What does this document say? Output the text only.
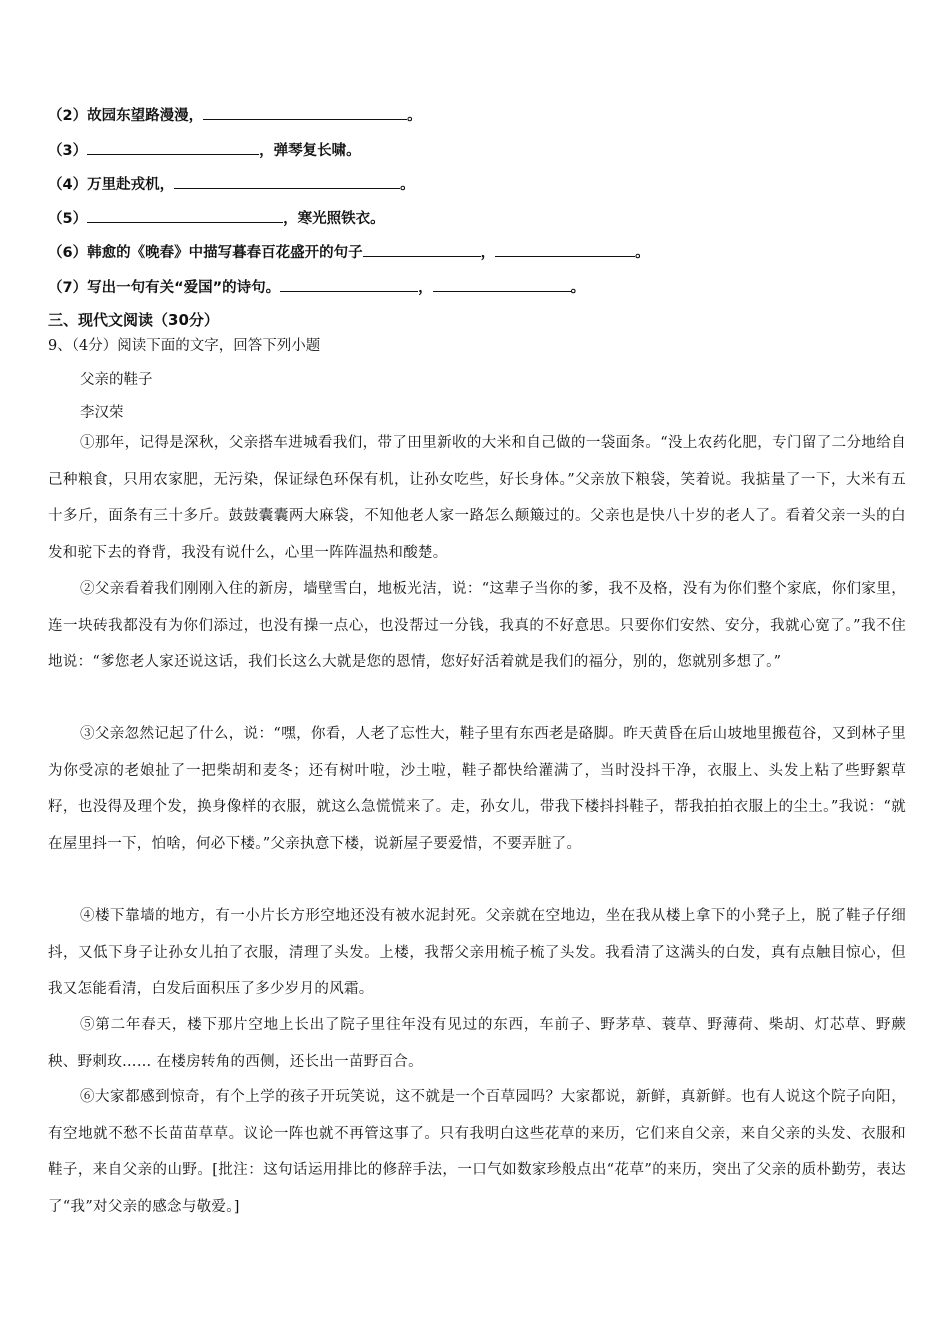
（2）故园东望路漫漫，	。
（3）	，弹琴复长啸。
（4）万里赴戎机，	。
（5）	，寒光照铁衣。
（6）韩愈的《晚春》中描写暮春百花盛开的句子	，	。
（7）写出一句有关“爱国”的诗句。	，	。
三、现代文阅读（30分）
9、（4分）阅读下面的文字，回答下列小题
父亲的鞋子
李汉荣
①那年，记得是深秋，父亲搭车进城看我们，带了田里新收的大米和自己做的一袋面条。“没上农药化肥，专门留了二分地给自己种粮食，只用农家肥，无污染，保证绿色环保有机，让孙女吃些，好长身体。”父亲放下粮袋，笑着说。我掂量了一下，大米有五十多斤，面条有三十多斤。鼓鼓囊囊两大麻袋，不知他老人家一路怎么颠簸过的。父亲也是快八十岁的老人了。看着父亲一头的白发和驼下去的脊背，我没有说什么，心里一阵阵温热和酸楚。
②父亲看着我们刚刚入住的新房，墙壁雪白，地板光洁，说：“这辈子当你的爹，我不及格，没有为你们整个家底，你们家里，连一块砖我都没有为你们添过，也没有操一点心，也没帮过一分钱，我真的不好意思。只要你们安然、安分，我就心宽了。”我不住地说：“爹您老人家还说这话，我们长这么大就是您的恩情，您好好活着就是我们的福分，别的，您就别多想了。”
③父亲忽然记起了什么，说：“嘿，你看，人老了忘性大，鞋子里有东西老是硌脚。昨天黄昏在后山坡地里搬苞谷，又到林子里为你受凉的老娘扯了一把柴胡和麦冬；还有树叶啦，沙土啦，鞋子都快给灌满了，当时没抖干净，衣服上、头发上粘了些野絮草籽，也没得及理个发，换身像样的衣服，就这么急慌慌来了。走，孙女儿，带我下楼抖抖鞋子，帮我拍拍衣服上的尘土。”我说：“就在屋里抖一下，怕啥，何必下楼。”父亲执意下楼，说新屋子要爱惜，不要弄脏了。
④楼下靠墙的地方，有一小片长方形空地还没有被水泥封死。父亲就在空地边，坐在我从楼上拿下的小凳子上，脱了鞋子仔细抖，又低下身子让孙女儿拍了衣服，清理了头发。上楼，我帮父亲用梳子梳了头发。我看清了这满头的白发，真有点触目惊心，但我又怎能看清，白发后面积压了多少岁月的风霜。
⑤第二年春天，楼下那片空地上长出了院子里往年没有见过的东西，车前子、野茅草、蓑草、野薄荷、柴胡、灯芯草、野蕨秧、野刺玫…… 在楼房转角的西侧，还长出一苗野百合。
⑥大家都感到惊奇，有个上学的孩子开玩笑说，这不就是一个百草园吗？大家都说，新鲜，真新鲜。也有人说这个院子向阳，有空地就不愁不长苗苗草草。议论一阵也就不再管这事了。只有我明白这些花草的来历，它们来自父亲，来自父亲的头发、衣服和鞋子，来自父亲的山野。[批注：这句话运用排比的修辞手法，一口气如数家珍般点出“花草”的来历，突出了父亲的质朴勤劳，表达了“我”对父亲的感念与敬爱。]
